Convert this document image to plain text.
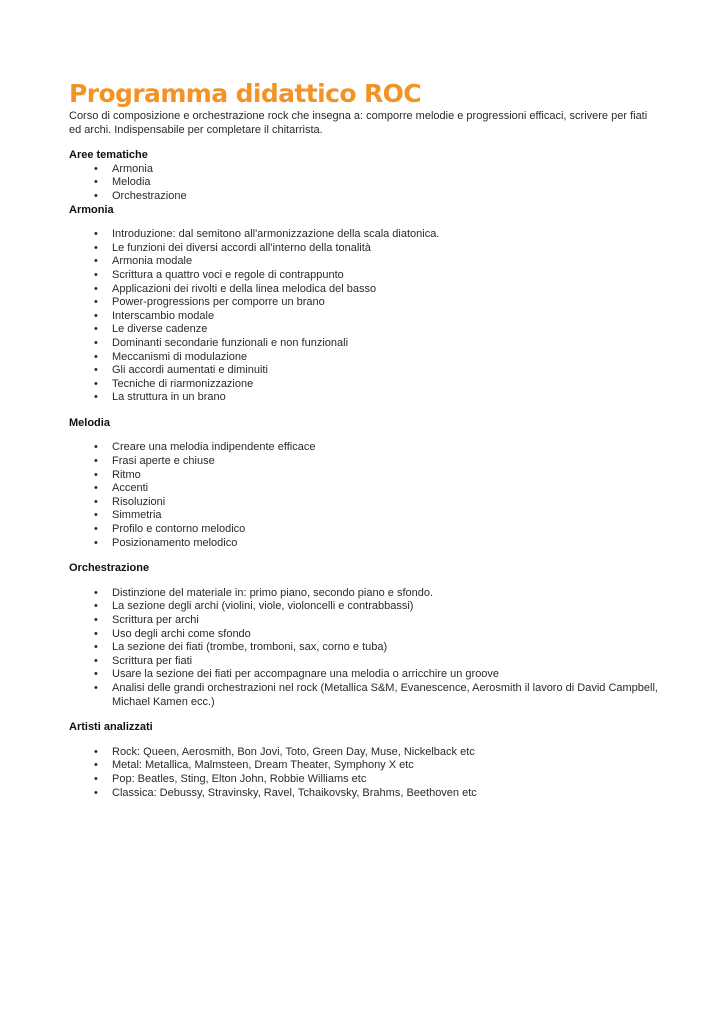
Programma didattico ROC

Corso di composizione e orchestrazione rock che insegna a: comporre melodie e progressioni efficaci, scrivere per fiati ed archi. Indispensabile per completare il chitarrista.

Aree tematiche
• Armonia
• Melodia
• Orchestrazione
Armonia
• Introduzione: dal semitono all'armonizzazione della scala diatonica.
• Le funzioni dei diversi accordi all'interno della tonalità
• Armonia modale
• Scrittura a quattro voci e regole di contrappunto
• Applicazioni dei rivolti e della linea melodica del basso
• Power-progressions per comporre un brano
• Interscambio modale
• Le diverse cadenze
• Dominanti secondarie funzionali e non funzionali
• Meccanismi di modulazione
• Gli accordi aumentati e diminuiti
• Tecniche di riarmonizzazione
• La struttura in un brano
Melodia
• Creare una melodia indipendente efficace
• Frasi aperte e chiuse
• Ritmo
• Accenti
• Risoluzioni
• Simmetria
• Profilo e contorno melodico
• Posizionamento melodico
Orchestrazione
• Distinzione del materiale in: primo piano, secondo piano e sfondo.
• La sezione degli archi (violini, viole, violoncelli e contrabbassi)
• Scrittura per archi
• Uso degli archi come sfondo
• La sezione dei fiati (trombe, tromboni, sax, corno e tuba)
• Scrittura per fiati
• Usare la sezione dei fiati per accompagnare una melodia o arricchire un groove
• Analisi delle grandi orchestrazioni nel rock (Metallica S&M, Evanescence, Aerosmith il lavoro di David Campbell, Michael Kamen ecc.)
Artisti analizzati
• Rock: Queen, Aerosmith, Bon Jovi, Toto, Green Day, Muse, Nickelback etc
• Metal: Metallica, Malmsteen, Dream Theater, Symphony X etc
• Pop: Beatles, Sting, Elton John, Robbie Williams etc
• Classica: Debussy, Stravinsky, Ravel, Tchaikovsky, Brahms, Beethoven etc
